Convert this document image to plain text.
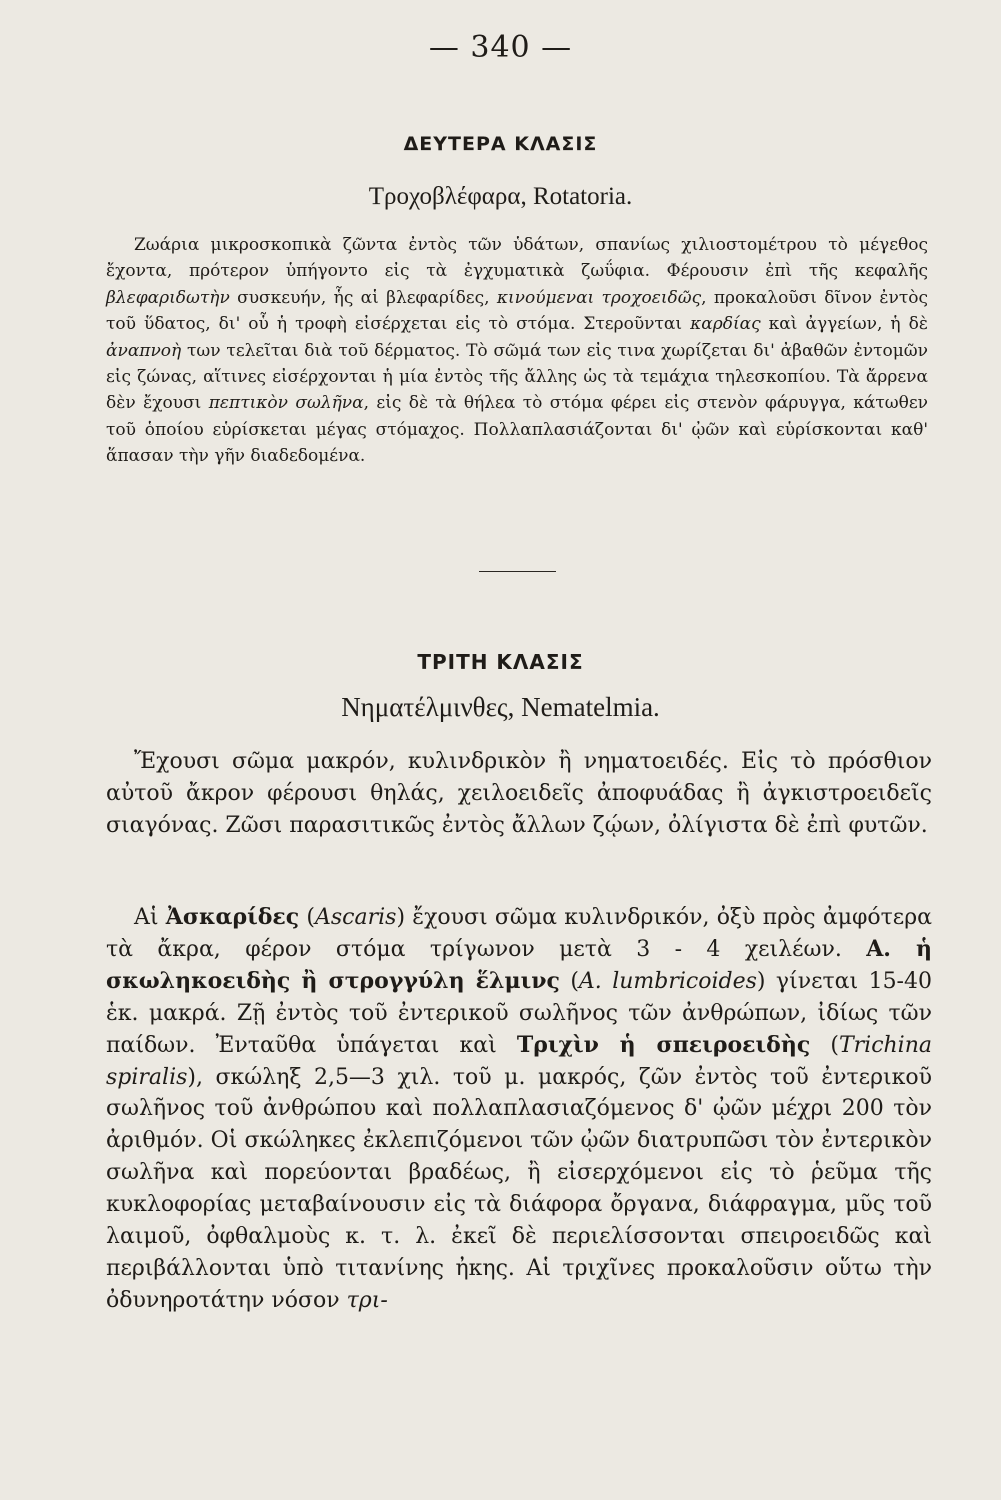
— 340 —
ΔΕΥΤΕΡΑ ΚΛΑΣΙΣ
Τροχοβλέφαρα, Rotatoria.

Ζωάρια μικροσκοπικὰ ζῶντα ἐντὸς τῶν ὑδάτων, σπανίως χιλιοστομέτρου τὸ μέγεθος ἔχοντα, πρότερον ὑπήγοντο εἰς τὰ ἐγχυματικὰ ζωΰφια. Φέρουσιν ἐπὶ τῆς κεφαλῆς βλεφαριδωτὴν συσκευήν, ἧς αἱ βλεφαρίδες, κινούμεναι τροχοειδῶς, προκαλοῦσι δῖνον ἐντὸς τοῦ ὕδατος, δι' οὗ ἡ τροφὴ εἰσέρχεται εἰς τὸ στόμα. Στεροῦνται καρδίας καὶ ἀγγείων, ἡ δὲ ἀναπνοὴ των τελεῖται διὰ τοῦ δέρματος. Τὸ σῶμά των εἰς τινα χωρίζεται δι' ἀβαθῶν ἐντομῶν εἰς ζώνας, αἵτινες εἰσέρχονται ἡ μία ἐντὸς τῆς ἄλλης ὡς τὰ τεμάχια τηλεσκοπίου. Τὰ ἄρρενα δὲν ἔχουσι πεπτικὸν σωλῆνα, εἰς δὲ τὰ θήλεα τὸ στόμα φέρει εἰς στενὸν φάρυγγα, κάτωθεν τοῦ ὁποίου εὑρίσκεται μέγας στόμαχος. Πολλαπλασιάζονται δι' ᾠῶν καὶ εὑρίσκονται καθ' ἅπασαν τὴν γῆν διαδεδομένα.

ΤΡΙΤΗ ΚΛΑΣΙΣ
Νηματέλμινθες, Nematelmia.

Ἔχουσι σῶμα μακρόν, κυλινδρικὸν ἢ νηματοειδές. Εἰς τὸ πρόσθιον αὐτοῦ ἄκρον φέρουσι θηλάς, χειλοειδεῖς ἀποφυάδας ἢ ἀγκιστροειδεῖς σιαγόνας. Ζῶσι παρασιτικῶς ἐντὸς ἄλλων ζῴων, ὀλίγιστα δὲ ἐπὶ φυτῶν.

Αἱ Ἀσκαρίδες (Ascaris) ἔχουσι σῶμα κυλινδρικόν, ὀξὺ πρὸς ἀμφότερα τὰ ἄκρα, φέρον στόμα τρίγωνον μετὰ 3 - 4 χειλέων. Α. ἡ σκωληκοειδὴς ἢ στρογγύλη ἕλμινς (A. lumbricoides) γίνεται 15-40 ἑκ. μακρά. Ζῇ ἐντὸς τοῦ ἐντερικοῦ σωλῆνος τῶν ἀνθρώπων, ἰδίως τῶν παίδων. Ἐνταῦθα ὑπάγεται καὶ Τριχὶν ἡ σπειροειδὴς (Trichina spiralis), σκώληξ 2,5—3 χιλ. τοῦ μ. μακρός, ζῶν ἐντὸς τοῦ ἐντερικοῦ σωλῆνος τοῦ ἀνθρώπου καὶ πολλαπλασιαζόμενος δ' ᾠῶν μέχρι 200 τὸν ἀριθμόν. Οἱ σκώληκες ἐκλεπιζόμενοι τῶν ᾠῶν διατρυπῶσι τὸν ἐντερικὸν σωλῆνα καὶ πορεύονται βραδέως, ἢ εἰσερχόμενοι εἰς τὸ ῥεῦμα τῆς κυκλοφορίας μεταβαίνουσιν εἰς τὰ διάφορα ὄργανα, διάφραγμα, μῦς τοῦ λαιμοῦ, ὀφθαλμοὺς κ. τ. λ. ἐκεῖ δὲ περιελίσσονται σπειροειδῶς καὶ περιβάλλονται ὑπὸ τιτανίνης ἠκης. Αἱ τριχῖνες προκαλοῦσιν οὕτω τὴν ὀδυνηροτάτην νόσον τρι-
